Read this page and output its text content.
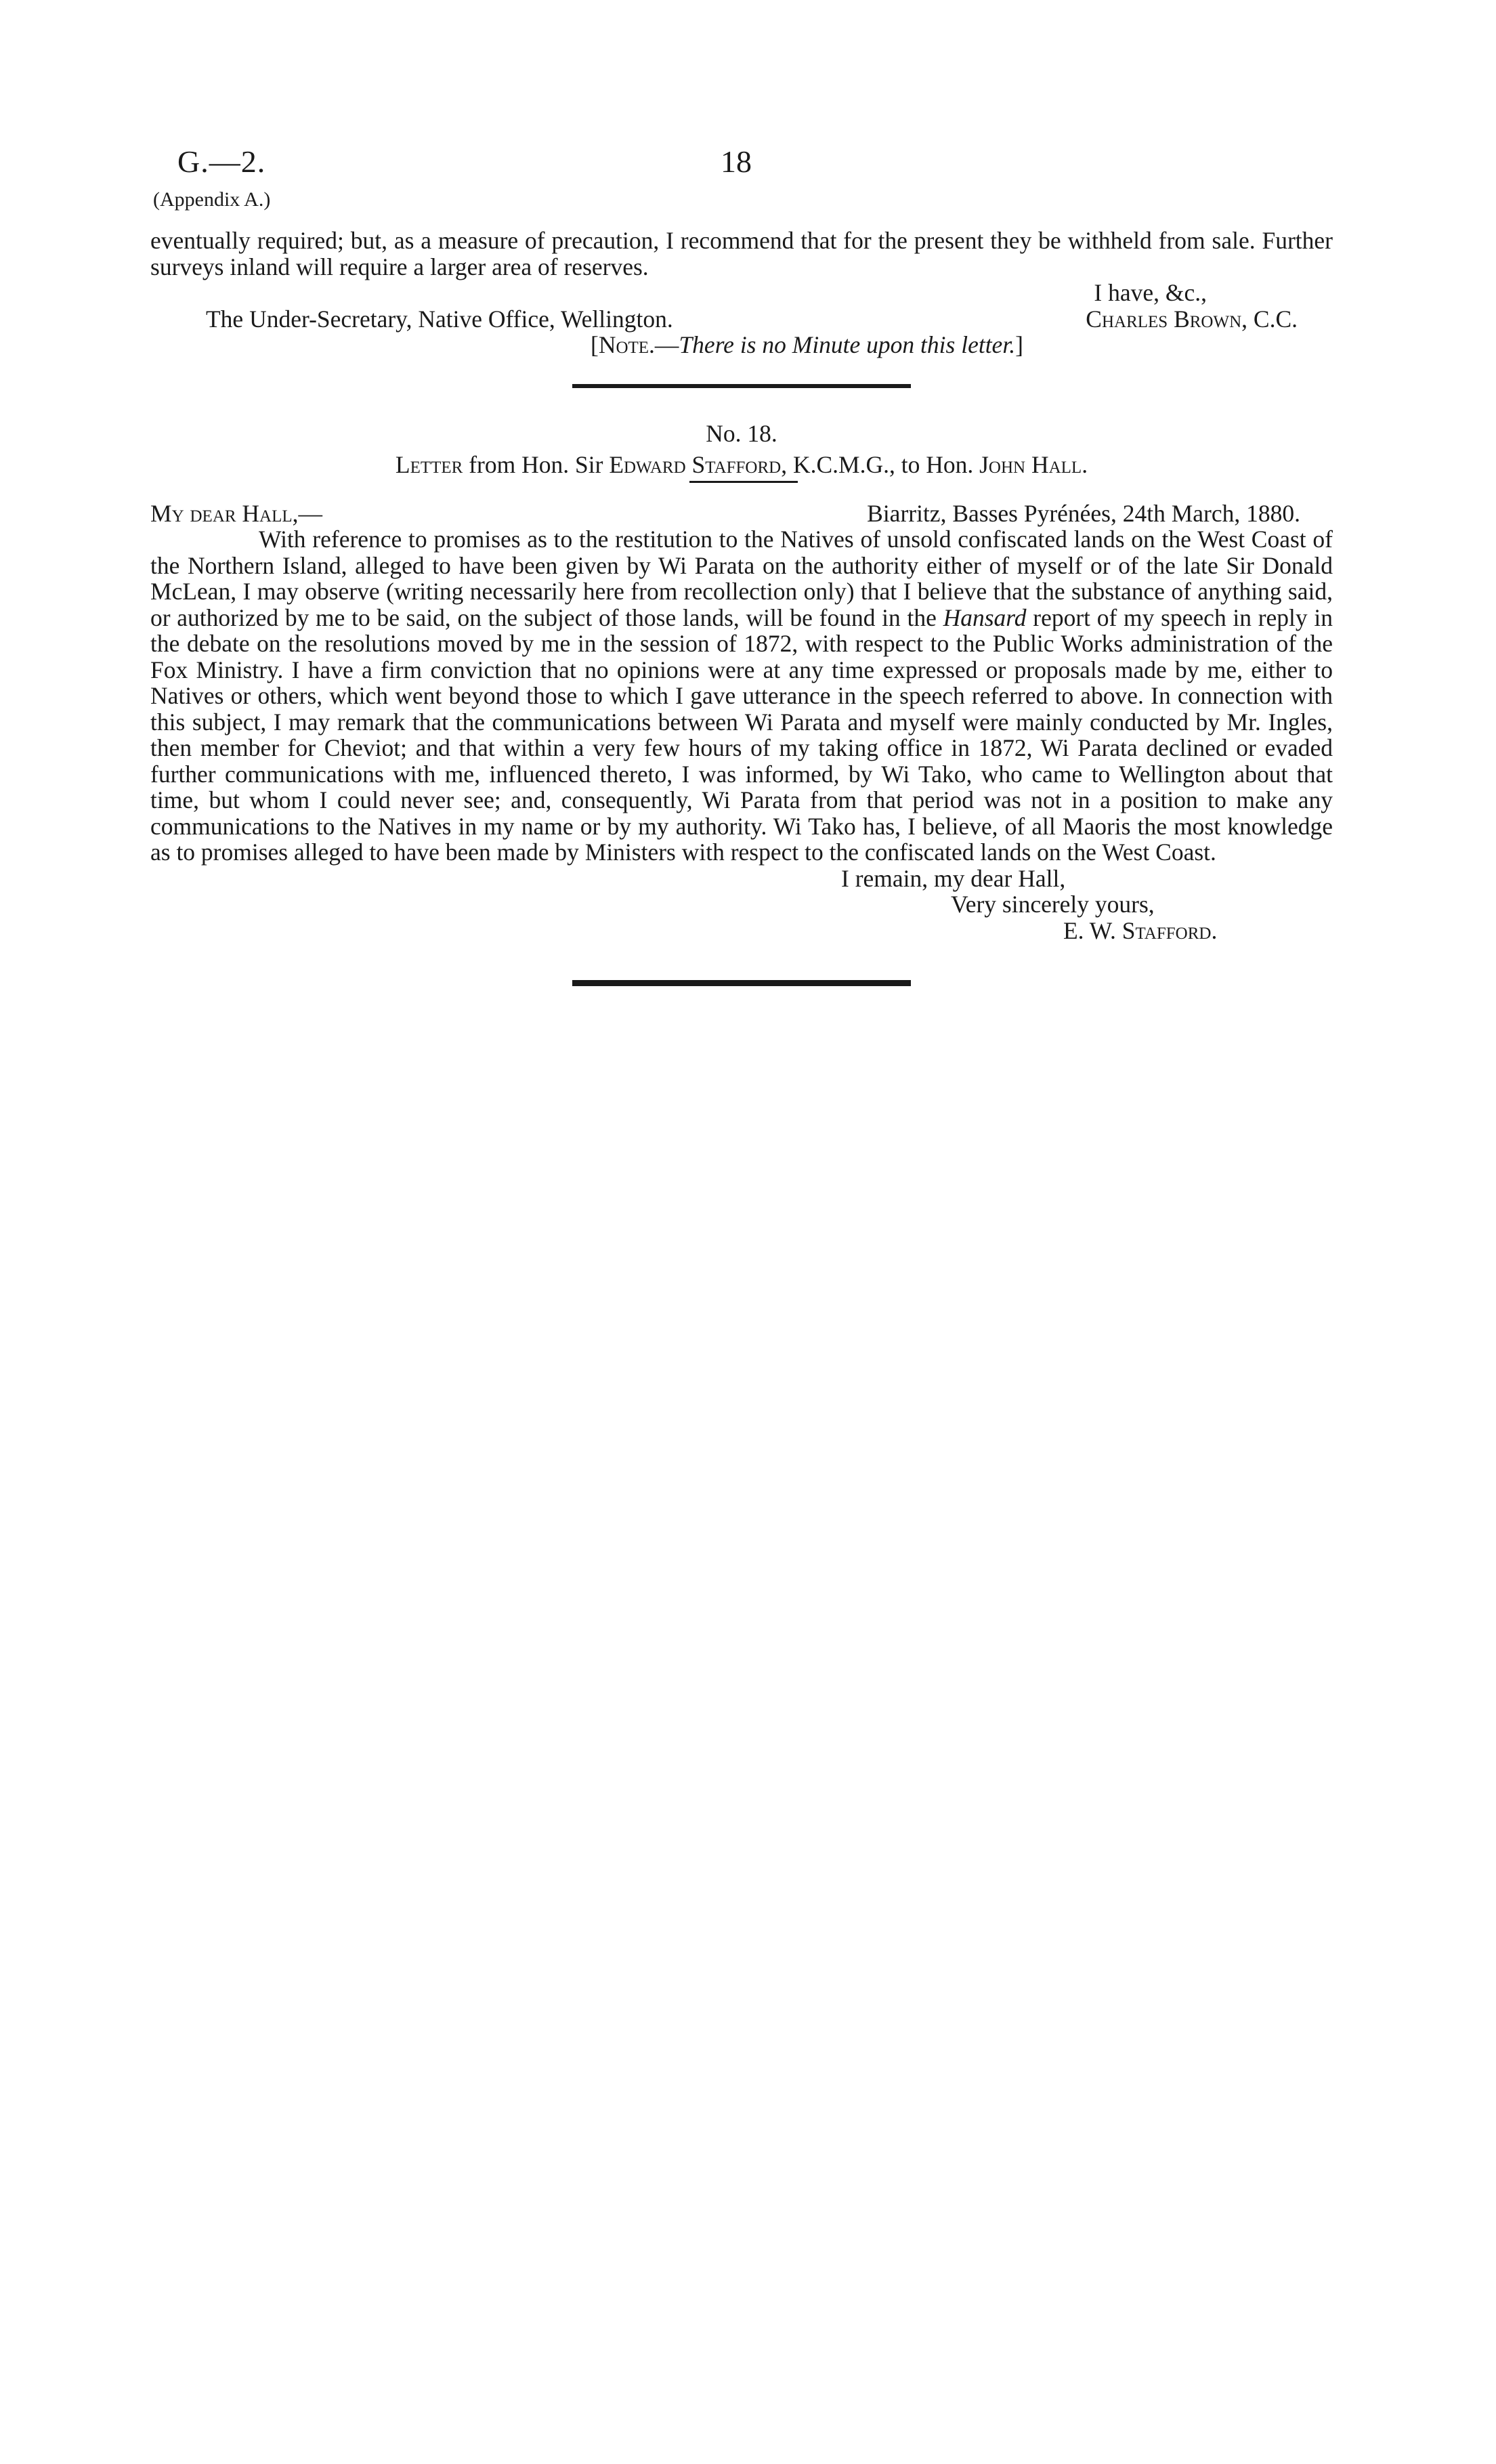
G.—2.	18
(Appendix A.)

eventually required; but, as a measure of precaution, I recommend that for the present they be withheld from sale. Further surveys inland will require a larger area of reserves.

I have, &c.,
The Under-Secretary, Native Office, Wellington.	Charles Brown, C.C.
[Note.—There is no Minute upon this letter.]
No. 18.
Letter from Hon. Sir Edward Stafford, K.C.M.G., to Hon. John Hall.
My dear Hall,—	Biarritz, Basses Pyrénées, 24th March, 1880.

With reference to promises as to the restitution to the Natives of unsold confiscated lands on the West Coast of the Northern Island, alleged to have been given by Wi Parata on the authority either of myself or of the late Sir Donald McLean, I may observe (writing necessarily here from recollection only) that I believe that the substance of anything said, or authorized by me to be said, on the subject of those lands, will be found in the Hansard report of my speech in reply in the debate on the resolutions moved by me in the session of 1872, with respect to the Public Works administration of the Fox Ministry. I have a firm conviction that no opinions were at any time expressed or proposals made by me, either to Natives or others, which went beyond those to which I gave utterance in the speech referred to above. In connection with this subject, I may remark that the communications between Wi Parata and myself were mainly conducted by Mr. Ingles, then member for Cheviot; and that within a very few hours of my taking office in 1872, Wi Parata declined or evaded further communications with me, influenced thereto, I was informed, by Wi Tako, who came to Wellington about that time, but whom I could never see; and, consequently, Wi Parata from that period was not in a position to make any communications to the Natives in my name or by my authority. Wi Tako has, I believe, of all Maoris the most knowledge as to promises alleged to have been made by Ministers with respect to the confiscated lands on the West Coast.

I remain, my dear Hall,
Very sincerely yours,
E. W. Stafford.
